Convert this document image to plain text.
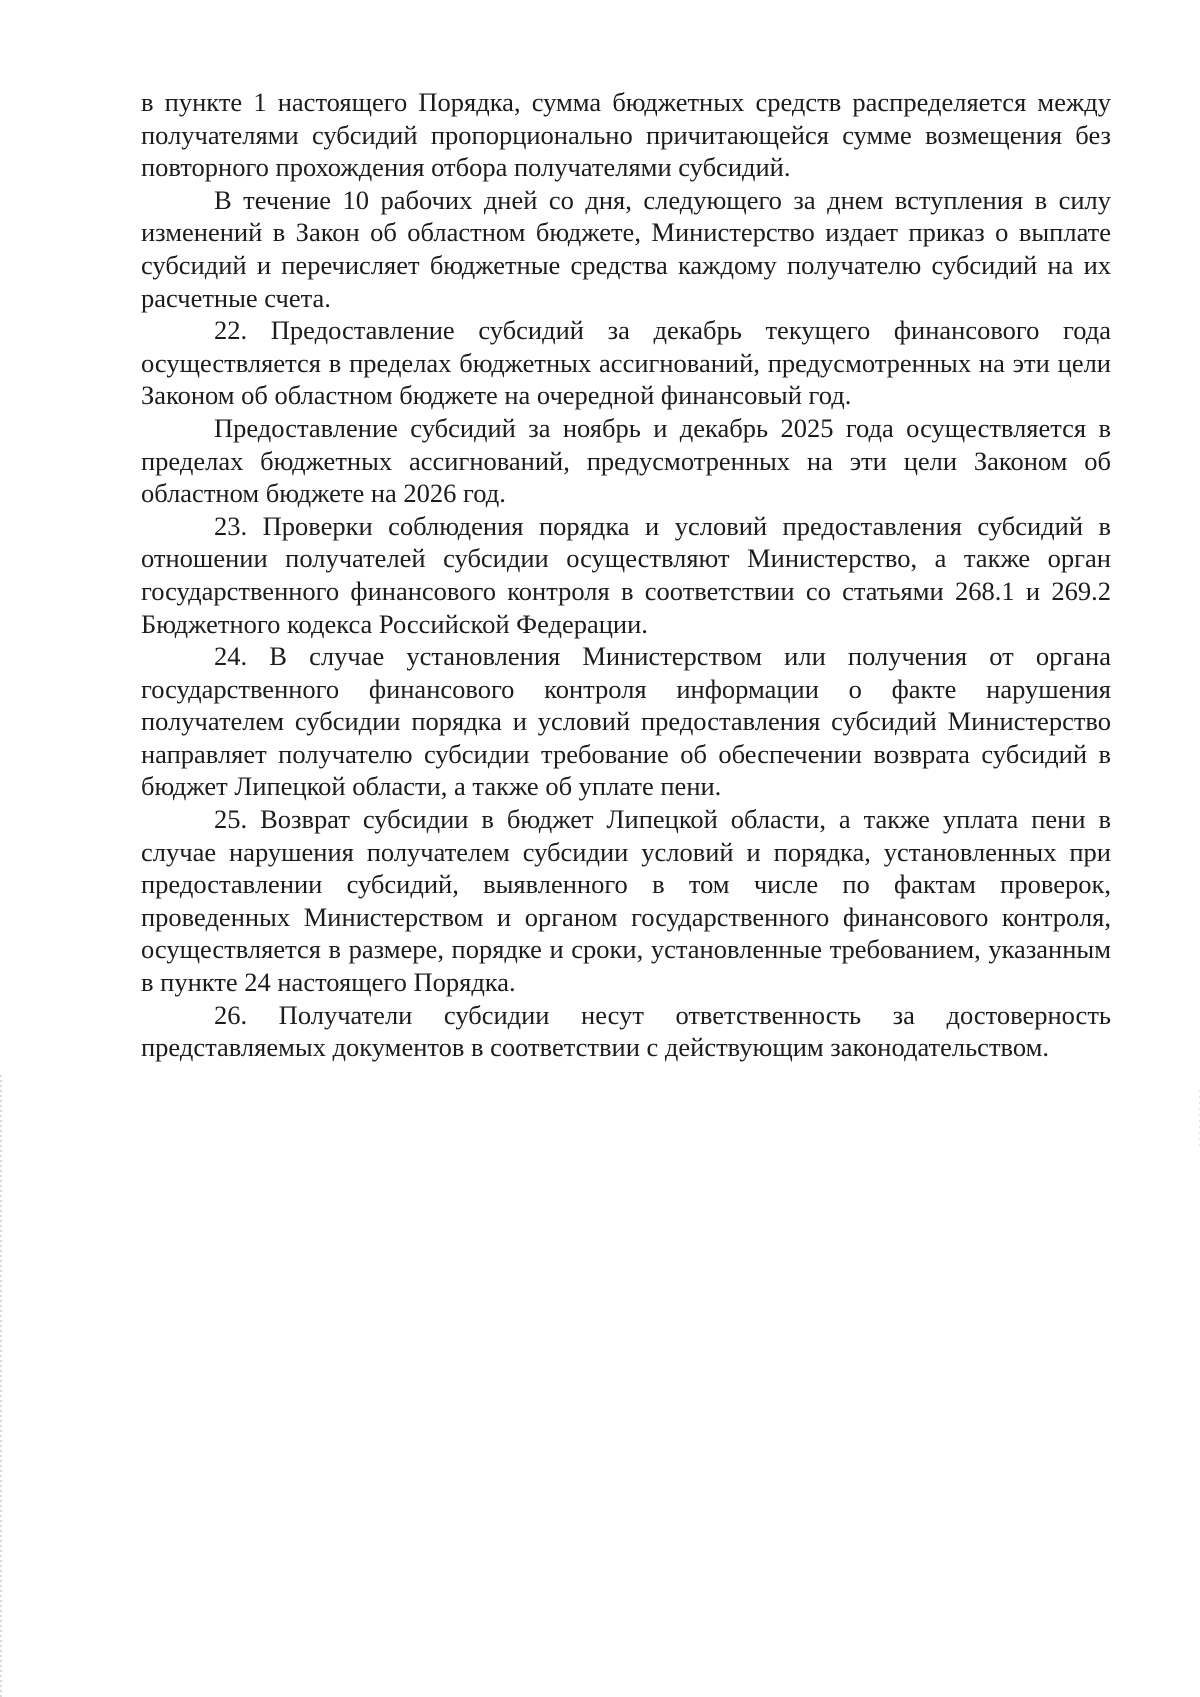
в пункте 1 настоящего Порядка, сумма бюджетных средств распределяется между получателями субсидий пропорционально причитающейся сумме возмещения без повторного прохождения отбора получателями субсидий.

В течение 10 рабочих дней со дня, следующего за днем вступления в силу изменений в Закон об областном бюджете, Министерство издает приказ о выплате субсидий и перечисляет бюджетные средства каждому получателю субсидий на их расчетные счета.

22. Предоставление субсидий за декабрь текущего финансового года осуществляется в пределах бюджетных ассигнований, предусмотренных на эти цели Законом об областном бюджете на очередной финансовый год.

Предоставление субсидий за ноябрь и декабрь 2025 года осуществляется в пределах бюджетных ассигнований, предусмотренных на эти цели Законом об областном бюджете на 2026 год.

23. Проверки соблюдения порядка и условий предоставления субсидий в отношении получателей субсидии осуществляют Министерство, а также орган государственного финансового контроля в соответствии со статьями 268.1 и 269.2 Бюджетного кодекса Российской Федерации.

24. В случае установления Министерством или получения от органа государственного финансового контроля информации о факте нарушения получателем субсидии порядка и условий предоставления субсидий Министерство направляет получателю субсидии требование об обеспечении возврата субсидий в бюджет Липецкой области, а также об уплате пени.

25. Возврат субсидии в бюджет Липецкой области, а также уплата пени в случае нарушения получателем субсидии условий и порядка, установленных при предоставлении субсидий, выявленного в том числе по фактам проверок, проведенных Министерством и органом государственного финансового контроля, осуществляется в размере, порядке и сроки, установленные требованием, указанным в пункте 24 настоящего Порядка.

26. Получатели субсидии несут ответственность за достоверность представляемых документов в соответствии с действующим законодательством.
